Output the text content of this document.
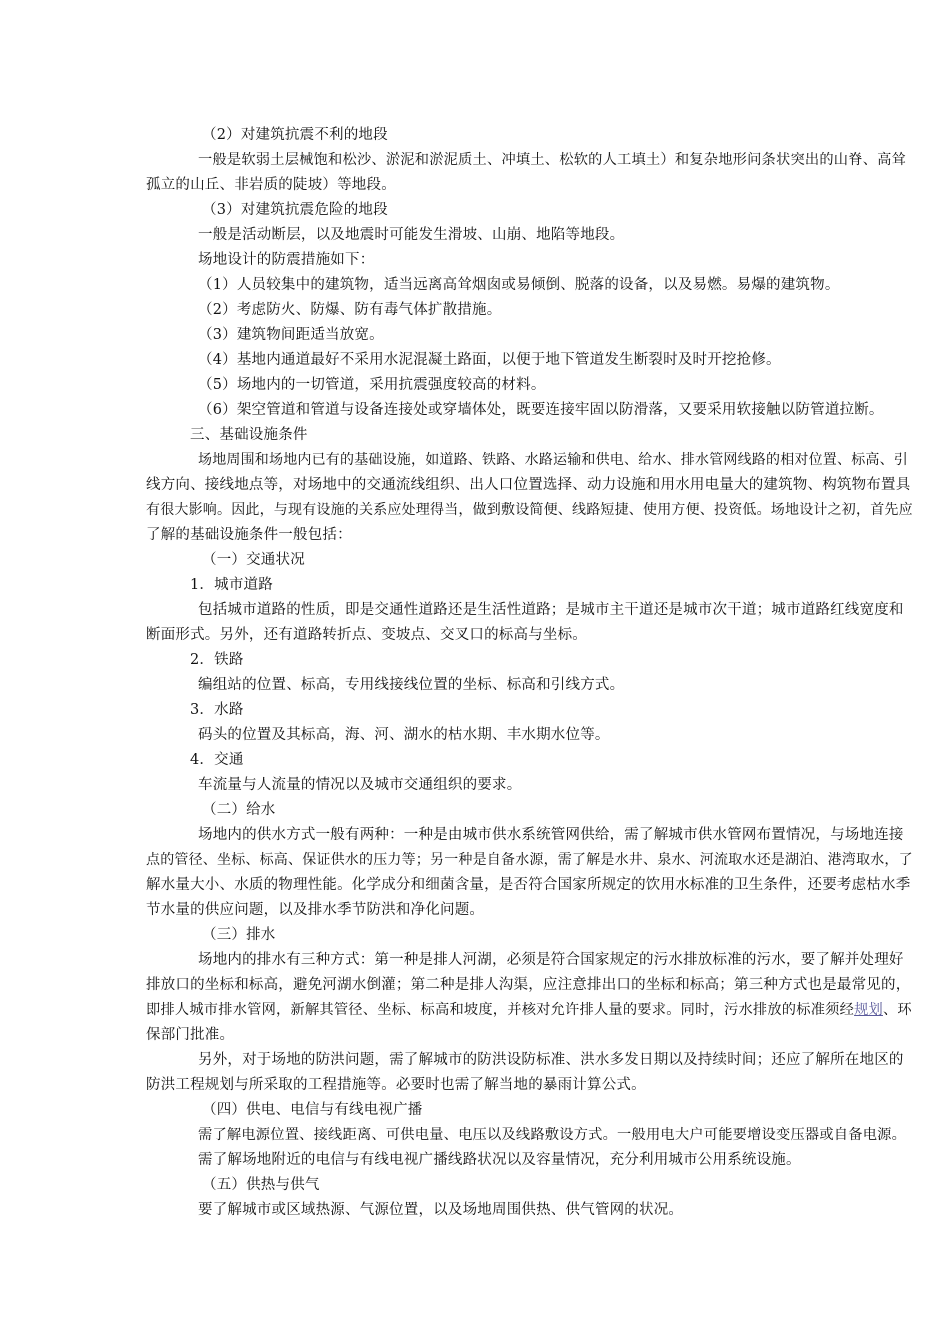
（2）对建筑抗震不利的地段
一般是软弱土层械饱和松沙、淤泥和淤泥质土、冲填土、松软的人工填土）和复杂地形问条状突出的山脊、高耸
孤立的山丘、非岩质的陡坡）等地段。
（3）对建筑抗震危险的地段
一般是活动断层，以及地震时可能发生滑坡、山崩、地陷等地段。
场地设计的防震措施如下：
（1）人员较集中的建筑物，适当远离高耸烟囱或易倾倒、脱落的设备，以及易燃。易爆的建筑物。
（2）考虑防火、防爆、防有毒气体扩散措施。
（3）建筑物间距适当放宽。
（4）基地内通道最好不采用水泥混凝土路面，以便于地下管道发生断裂时及时开挖抢修。
（5）场地内的一切管道，采用抗震强度较高的材料。
（6）架空管道和管道与设备连接处或穿墙体处，既要连接牢固以防滑落，又要采用软接触以防管道拉断。
三、基础设施条件
场地周围和场地内已有的基础设施，如道路、铁路、水路运输和供电、给水、排水管网线路的相对位置、标高、引
线方向、接线地点等，对场地中的交通流线组织、出人口位置选择、动力设施和用水用电量大的建筑物、构筑物布置具
有很大影响。因此，与现有设施的关系应处理得当，做到敷设简便、线路短捷、使用方便、投资低。场地设计之初，首先应
了解的基础设施条件一般包括：
（一）交通状况
1．城市道路
包括城市道路的性质，即是交通性道路还是生活性道路；是城市主干道还是城市次干道；城市道路红线宽度和
断面形式。另外，还有道路转折点、变坡点、交叉口的标高与坐标。
2．铁路
编组站的位置、标高，专用线接线位置的坐标、标高和引线方式。
3．水路
码头的位置及其标高，海、河、湖水的枯水期、丰水期水位等。
4．交通
车流量与人流量的情况以及城市交通组织的要求。
（二）给水
场地内的供水方式一般有两种：一种是由城市供水系统管网供给，需了解城市供水管网布置情况，与场地连接
点的管径、坐标、标高、保证供水的压力等；另一种是自备水源，需了解是水井、泉水、河流取水还是湖泊、港湾取水，了
解水量大小、水质的物理性能。化学成分和细菌含量，是否符合国家所规定的饮用水标准的卫生条件，还要考虑枯水季
节水量的供应问题，以及排水季节防洪和净化问题。
（三）排水
场地内的排水有三种方式：第一种是排人河湖，必须是符合国家规定的污水排放标准的污水，要了解并处理好
排放口的坐标和标高，避免河湖水倒灌；第二种是排人沟渠，应注意排出口的坐标和标高；第三种方式也是最常见的，
即排人城市排水管网，新解其管径、坐标、标高和坡度，并核对允许排人量的要求。同时，污水排放的标准须经规划、环
保部门批准。
另外，对于场地的防洪问题，需了解城市的防洪设防标准、洪水多发日期以及持续时间；还应了解所在地区的
防洪工程规划与所采取的工程措施等。必要时也需了解当地的暴雨计算公式。
（四）供电、电信与有线电视广播
需了解电源位置、接线距离、可供电量、电压以及线路敷设方式。一般用电大户可能要增设变压器或自备电源。
需了解场地附近的电信与有线电视广播线路状况以及容量情况，充分利用城市公用系统设施。
（五）供热与供气
要了解城市或区域热源、气源位置，以及场地周围供热、供气管网的状况。
